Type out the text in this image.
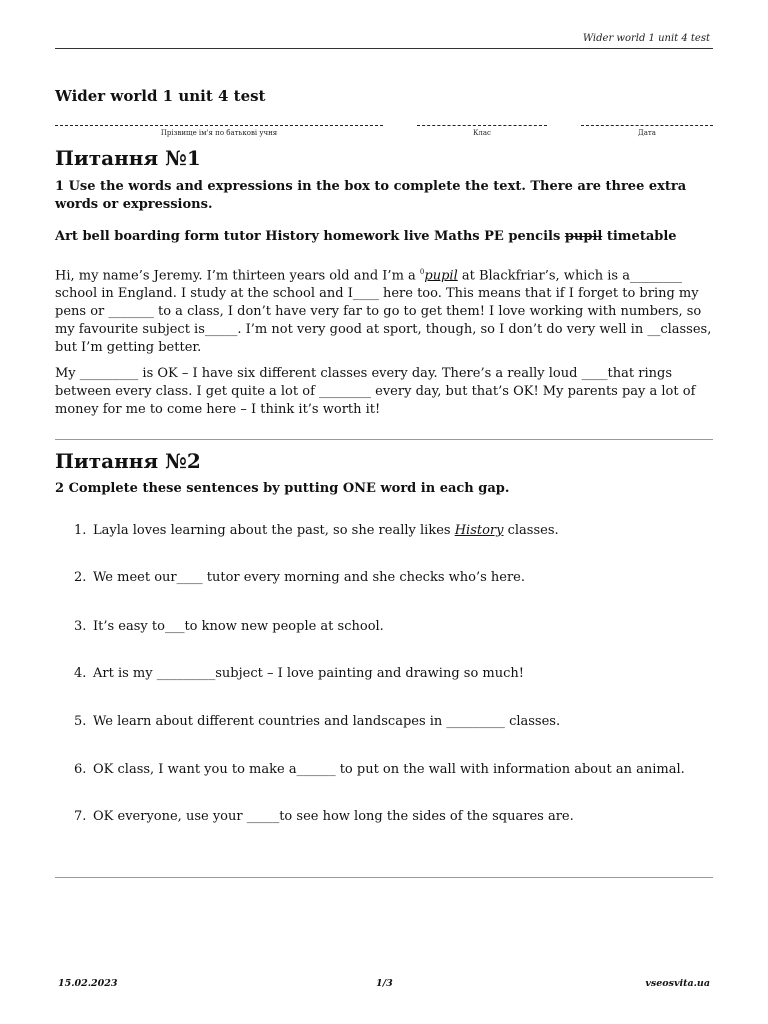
Wider world 1 unit 4 test
Wider world 1 unit 4 test
Прізвище ім'я по батькові учня	Клас	Дата
Питання №1
1 Use the words and expressions in the box to complete the text. There are three extra words or expressions.
Art bell boarding form tutor History homework live Maths PE pencils pupil timetable
Hi, my name’s Jeremy. I’m thirteen years old and I’m a $^0$pupil at Blackfriar’s, which is a________ school in England. I study at the school and I____ here too. This means that if I forget to bring my pens or _______ to a class, I don’t have very far to go to get them! I love working with numbers, so my favourite subject is_____. I’m not very good at sport, though, so I don’t do very well in __classes, but I’m getting better.
My _________ is OK – I have six different classes every day. There’s a really loud ____that rings between every class. I get quite a lot of ________ every day, but that’s OK! My parents pay a lot of money for me to come here – I think it’s worth it!
Питання №2
2 Complete these sentences by putting ONE word in each gap.
1. Layla loves learning about the past, so she really likes History classes.
2. We meet our____ tutor every morning and she checks who’s here.
3. It’s easy to___to know new people at school.
4. Art is my _________subject – I love painting and drawing so much!
5. We learn about different countries and landscapes in _________ classes.
6. OK class, I want you to make a______ to put on the wall with information about an animal.
7. OK everyone, use your _____to see how long the sides of the squares are.
15.02.2023	1/3	vseosvita.ua
